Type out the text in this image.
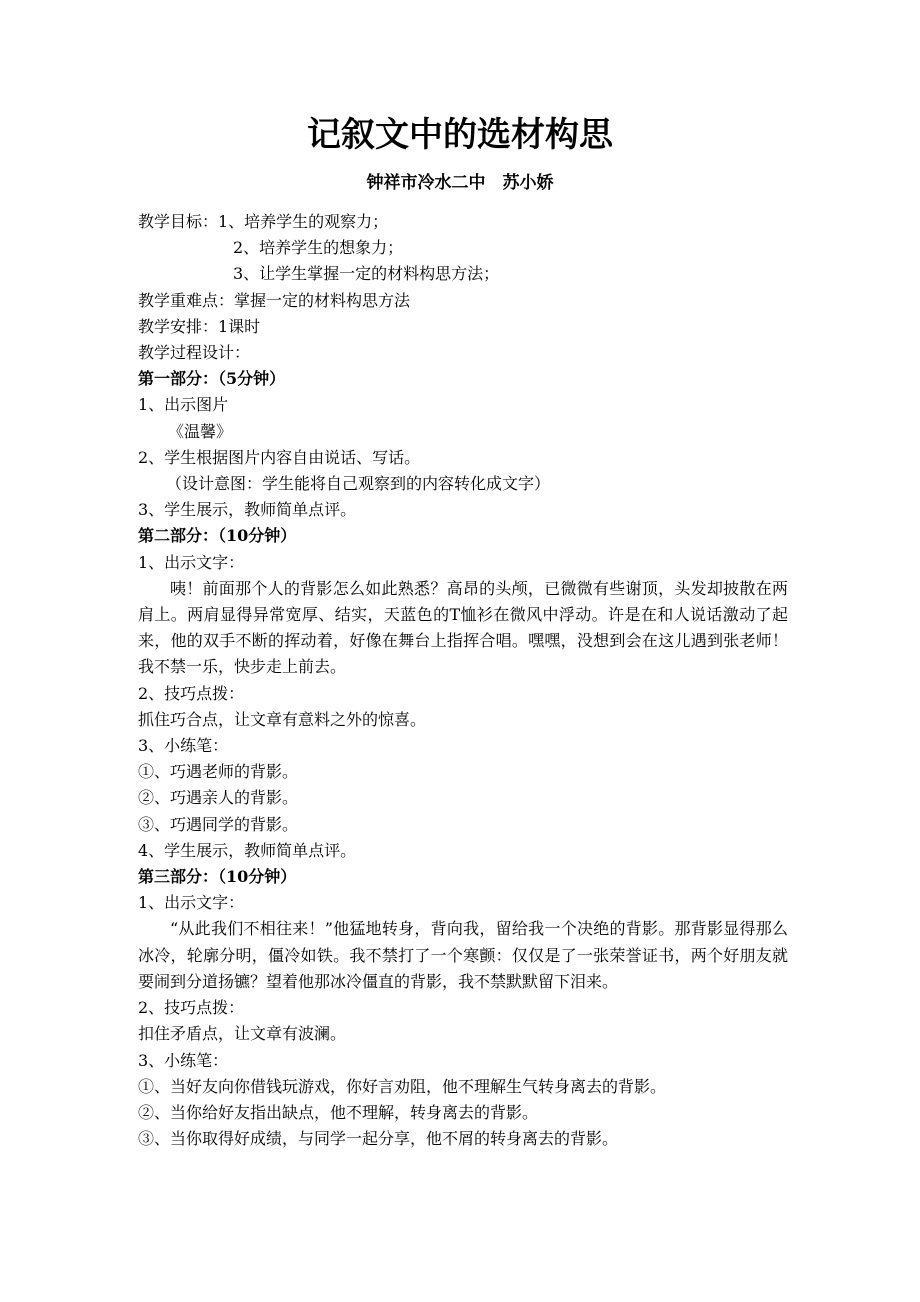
记叙文中的选材构思
钟祥市冷水二中　苏小娇
教学目标：1、培养学生的观察力；
2、培养学生的想象力；
3、让学生掌握一定的材料构思方法；
教学重难点：掌握一定的材料构思方法
教学安排：1课时
教学过程设计：
第一部分：（5分钟）
1、出示图片
《温馨》
2、学生根据图片内容自由说话、写话。
（设计意图：学生能将自己观察到的内容转化成文字）
3、学生展示，教师简单点评。
第二部分：（10分钟）
1、出示文字：
咦！前面那个人的背影怎么如此熟悉？高昂的头颅，已微微有些谢顶，头发却披散在两肩上。两肩显得异常宽厚、结实，天蓝色的T恤衫在微风中浮动。许是在和人说话激动了起来，他的双手不断的挥动着，好像在舞台上指挥合唱。嘿嘿，没想到会在这儿遇到张老师！我不禁一乐，快步走上前去。
2、技巧点拨：
抓住巧合点，让文章有意料之外的惊喜。
3、小练笔：
①、巧遇老师的背影。
②、巧遇亲人的背影。
③、巧遇同学的背影。
4、学生展示，教师简单点评。
第三部分：（10分钟）
1、出示文字：
“从此我们不相往来！”他猛地转身，背向我，留给我一个决绝的背影。那背影显得那么冰冷，轮廓分明，僵冷如铁。我不禁打了一个寒颤：仅仅是了一张荣誉证书，两个好朋友就要闹到分道扬镳？望着他那冰冷僵直的背影，我不禁默默留下泪来。
2、技巧点拨：
扣住矛盾点，让文章有波澜。
3、小练笔：
①、当好友向你借钱玩游戏，你好言劝阻，他不理解生气转身离去的背影。
②、当你给好友指出缺点，他不理解，转身离去的背影。
③、当你取得好成绩，与同学一起分享，他不屑的转身离去的背影。
